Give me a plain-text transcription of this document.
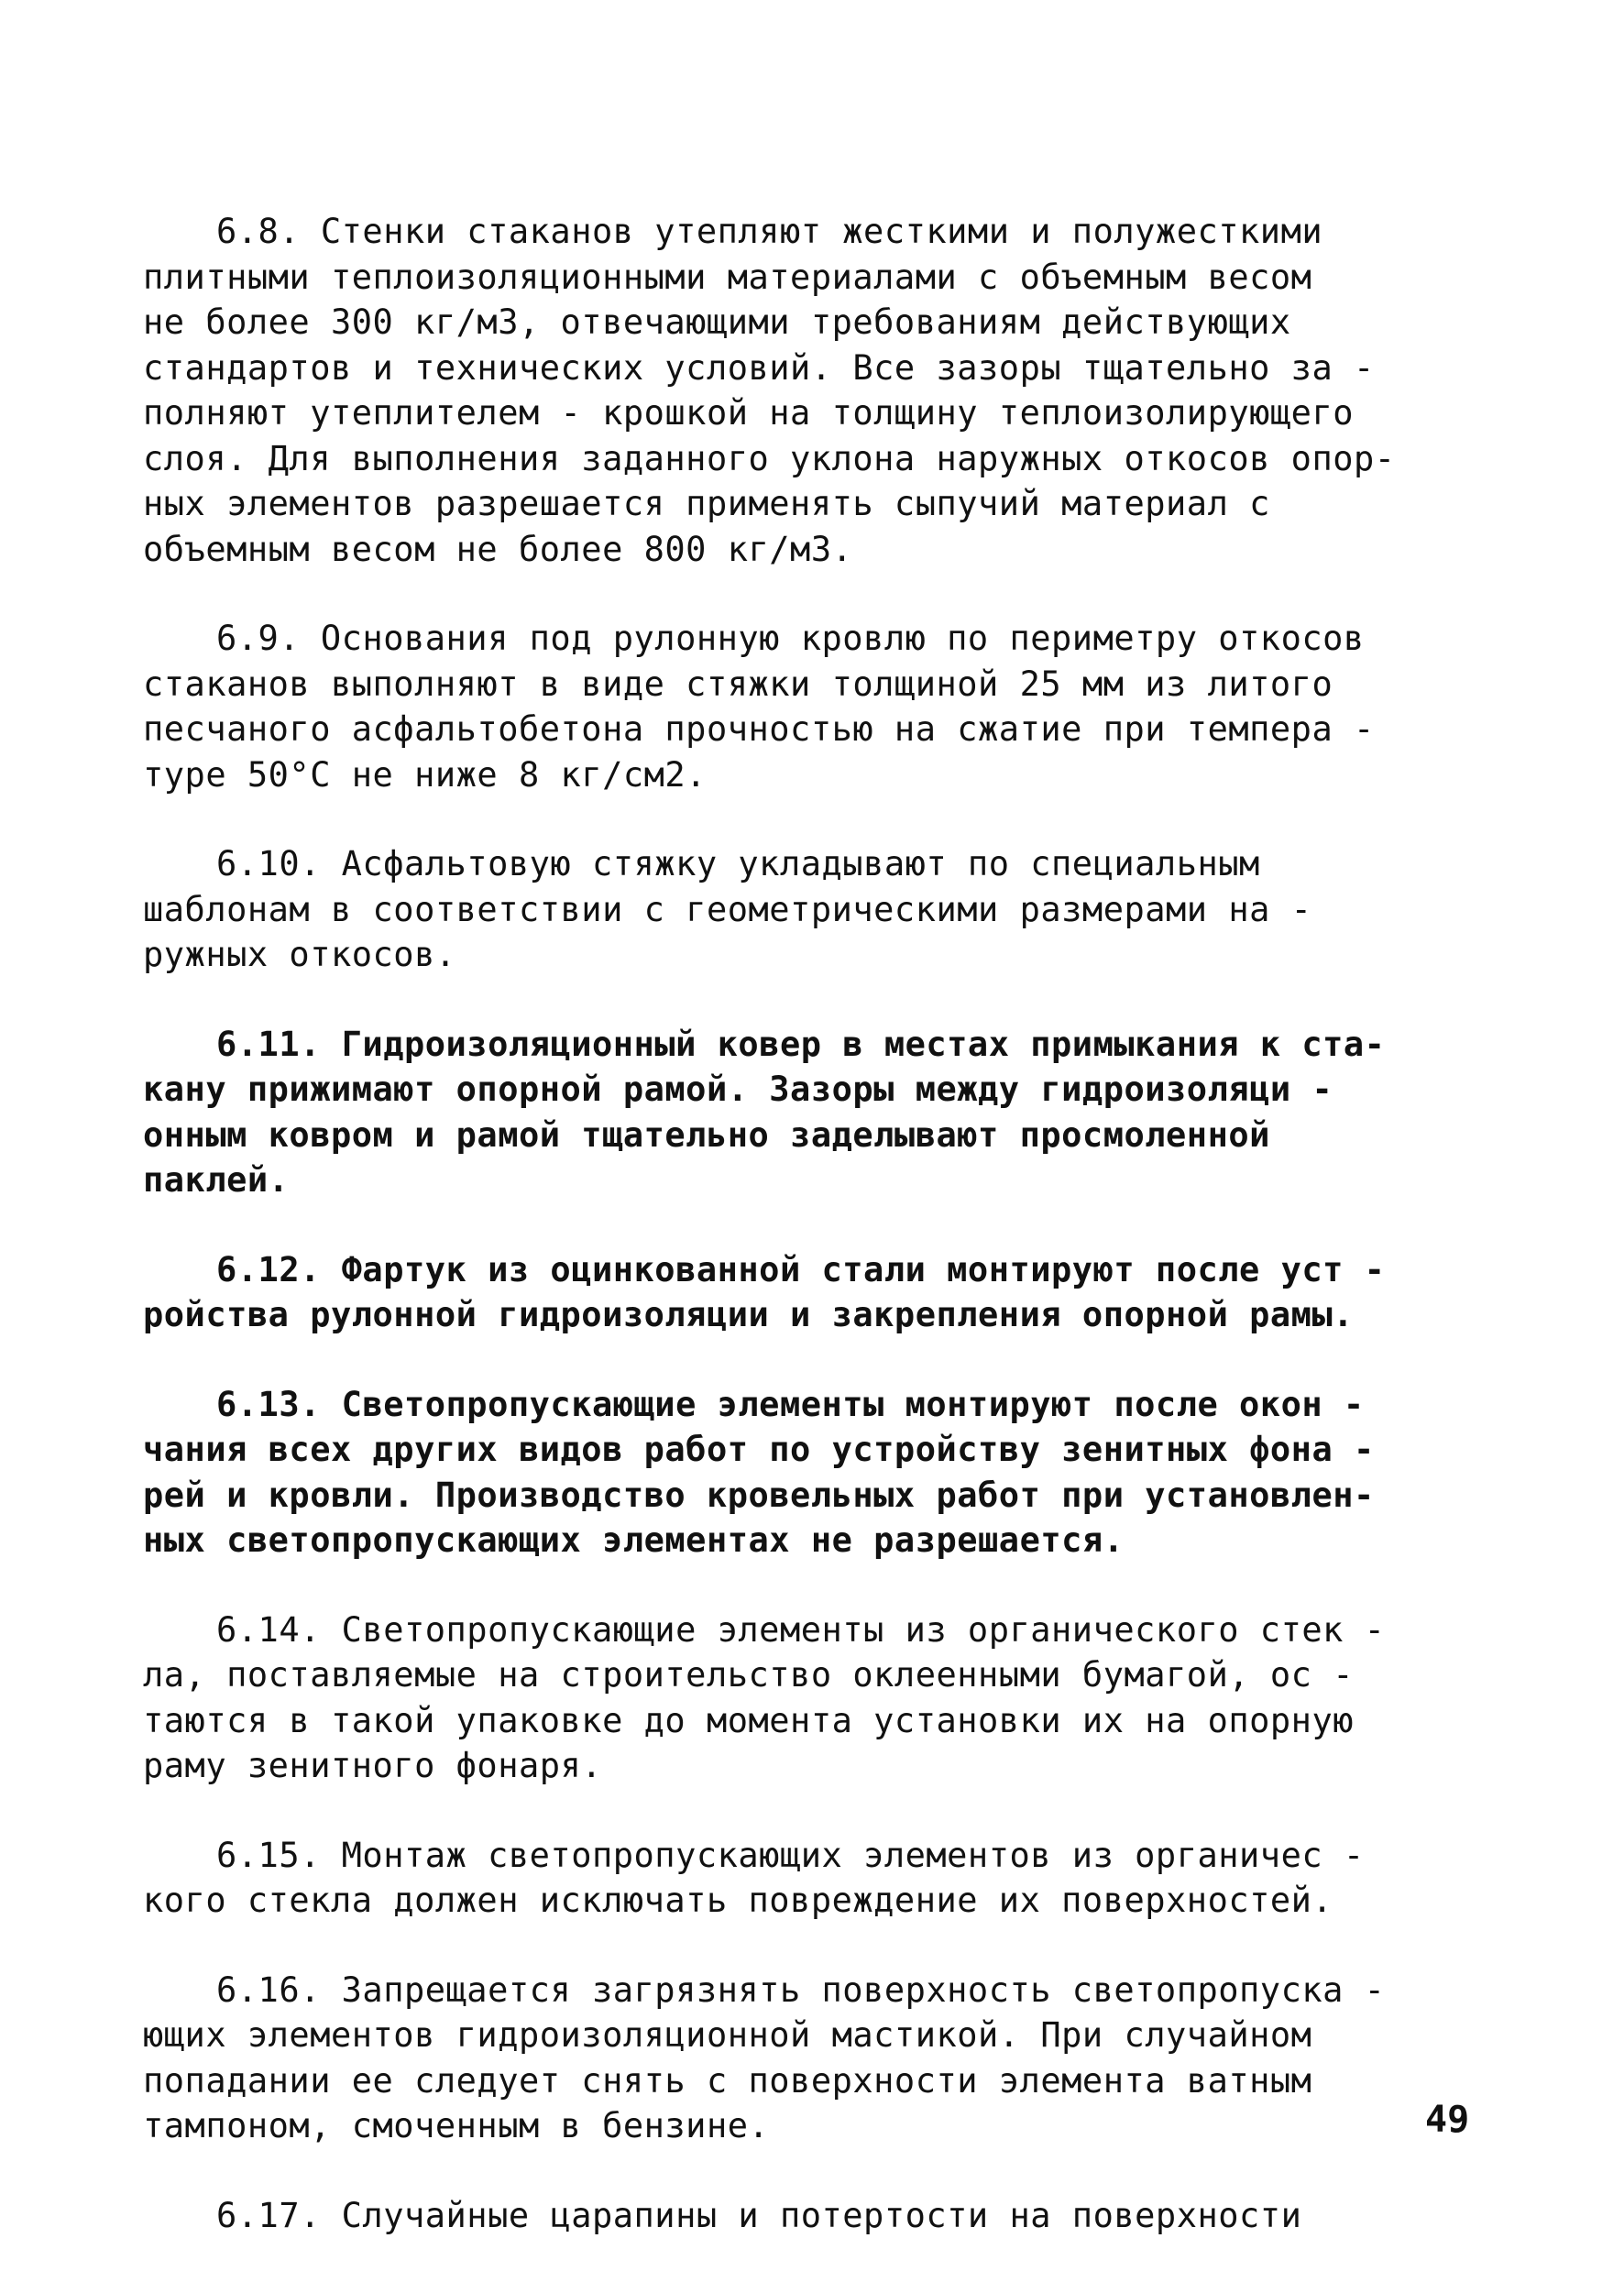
6.8. Стенки стаканов утепляют жесткими и полужесткими
плитными теплоизоляционными материалами с объемным весом
не более 300 кг/м3, отвечающими требованиям действующих
стандартов и технических условий. Все зазоры тщательно за -
полняют утеплителем - крошкой на толщину теплоизолирующего
слоя. Для выполнения заданного уклона наружных откосов опор-
ных элементов разрешается применять сыпучий материал с
объемным весом не более 800 кг/м3.
6.9. Основания под рулонную кровлю по периметру откосов
стаканов выполняют в виде стяжки толщиной 25 мм из литого
песчаного асфальтобетона прочностью на сжатие при темпера -
туре 50°С не ниже 8 кг/см2.
6.10. Асфальтовую стяжку укладывают по специальным
шаблонам в соответствии с геометрическими размерами на -
ружных откосов.
6.11. Гидроизоляционный ковер в местах примыкания к ста-
кану прижимают опорной рамой. Зазоры между гидроизоляци -
онным ковром и рамой тщательно заделывают просмоленной
паклей.
6.12. Фартук из оцинкованной стали монтируют после уст -
ройства рулонной гидроизоляции и закрепления опорной рамы.
6.13. Светопропускающие элементы монтируют после окон -
чания всех других видов работ по устройству зенитных фона -
рей и кровли. Производство кровельных работ при установлен-
ных светопропускающих элементах не разрешается.
6.14. Светопропускающие элементы из органического стек -
ла, поставляемые на строительство оклеенными бумагой, ос -
таются в такой упаковке до момента установки их на опорную
раму зенитного фонаря.
6.15. Монтаж светопропускающих элементов из органичес -
кого стекла должен исключать повреждение их поверхностей.
6.16. Запрещается загрязнять поверхность светопропуска -
ющих элементов гидроизоляционной мастикой. При случайном
попадании ее следует снять с поверхности элемента ватным
тампоном, смоченным в бензине.
6.17. Случайные царапины и потертости на поверхности
49
